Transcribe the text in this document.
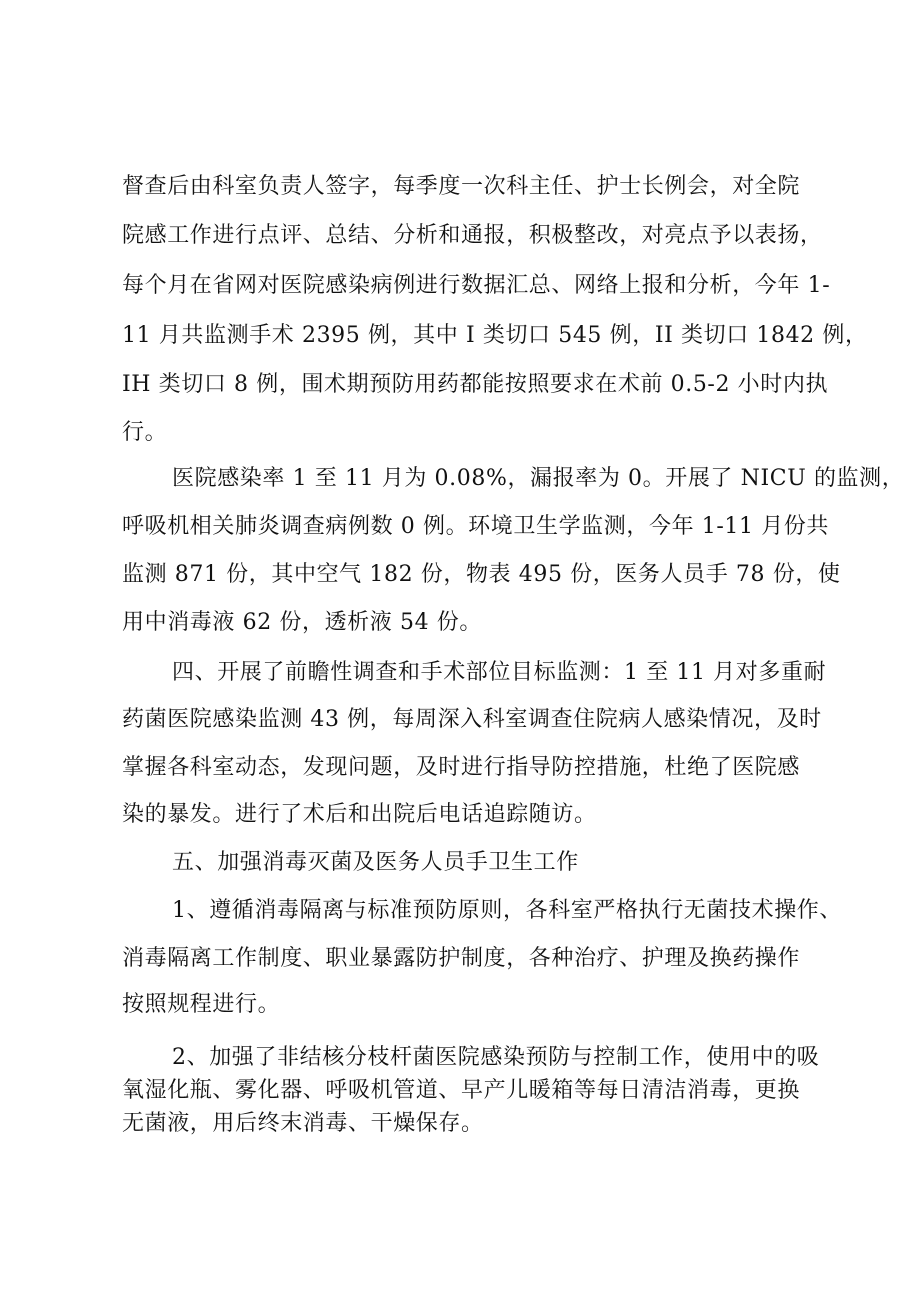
督查后由科室负责人签字，每季度一次科主任、护士长例会，对全院

院感工作进行点评、总结、分析和通报，积极整改，对亮点予以表扬，

每个月在省网对医院感染病例进行数据汇总、网络上报和分析，今年 1-

11 月共监测手术 2395 例，其中 I 类切口 545 例，II 类切口 1842 例，

IH 类切口 8 例，围术期预防用药都能按照要求在术前 0.5-2 小时内执

行。

医院感染率 1 至 11 月为 0.08%，漏报率为 0。开展了 NICU 的监测，

呼吸机相关肺炎调查病例数 0 例。环境卫生学监测，今年 1-11 月份共

监测 871 份，其中空气 182 份，物表 495 份，医务人员手 78 份，使

用中消毒液 62 份，透析液 54 份。

四、开展了前瞻性调查和手术部位目标监测：1 至 11 月对多重耐

药菌医院感染监测 43 例，每周深入科室调查住院病人感染情况，及时

掌握各科室动态，发现问题，及时进行指导防控措施，杜绝了医院感

染的暴发。进行了术后和出院后电话追踪随访。

五、加强消毒灭菌及医务人员手卫生工作

1、遵循消毒隔离与标准预防原则，各科室严格执行无菌技术操作、

消毒隔离工作制度、职业暴露防护制度，各种治疗、护理及换药操作

按照规程进行。

2、加强了非结核分枝杆菌医院感染预防与控制工作，使用中的吸

氧湿化瓶、雾化器、呼吸机管道、早产儿暖箱等每日清洁消毒，更换

无菌液，用后终末消毒、干燥保存。
